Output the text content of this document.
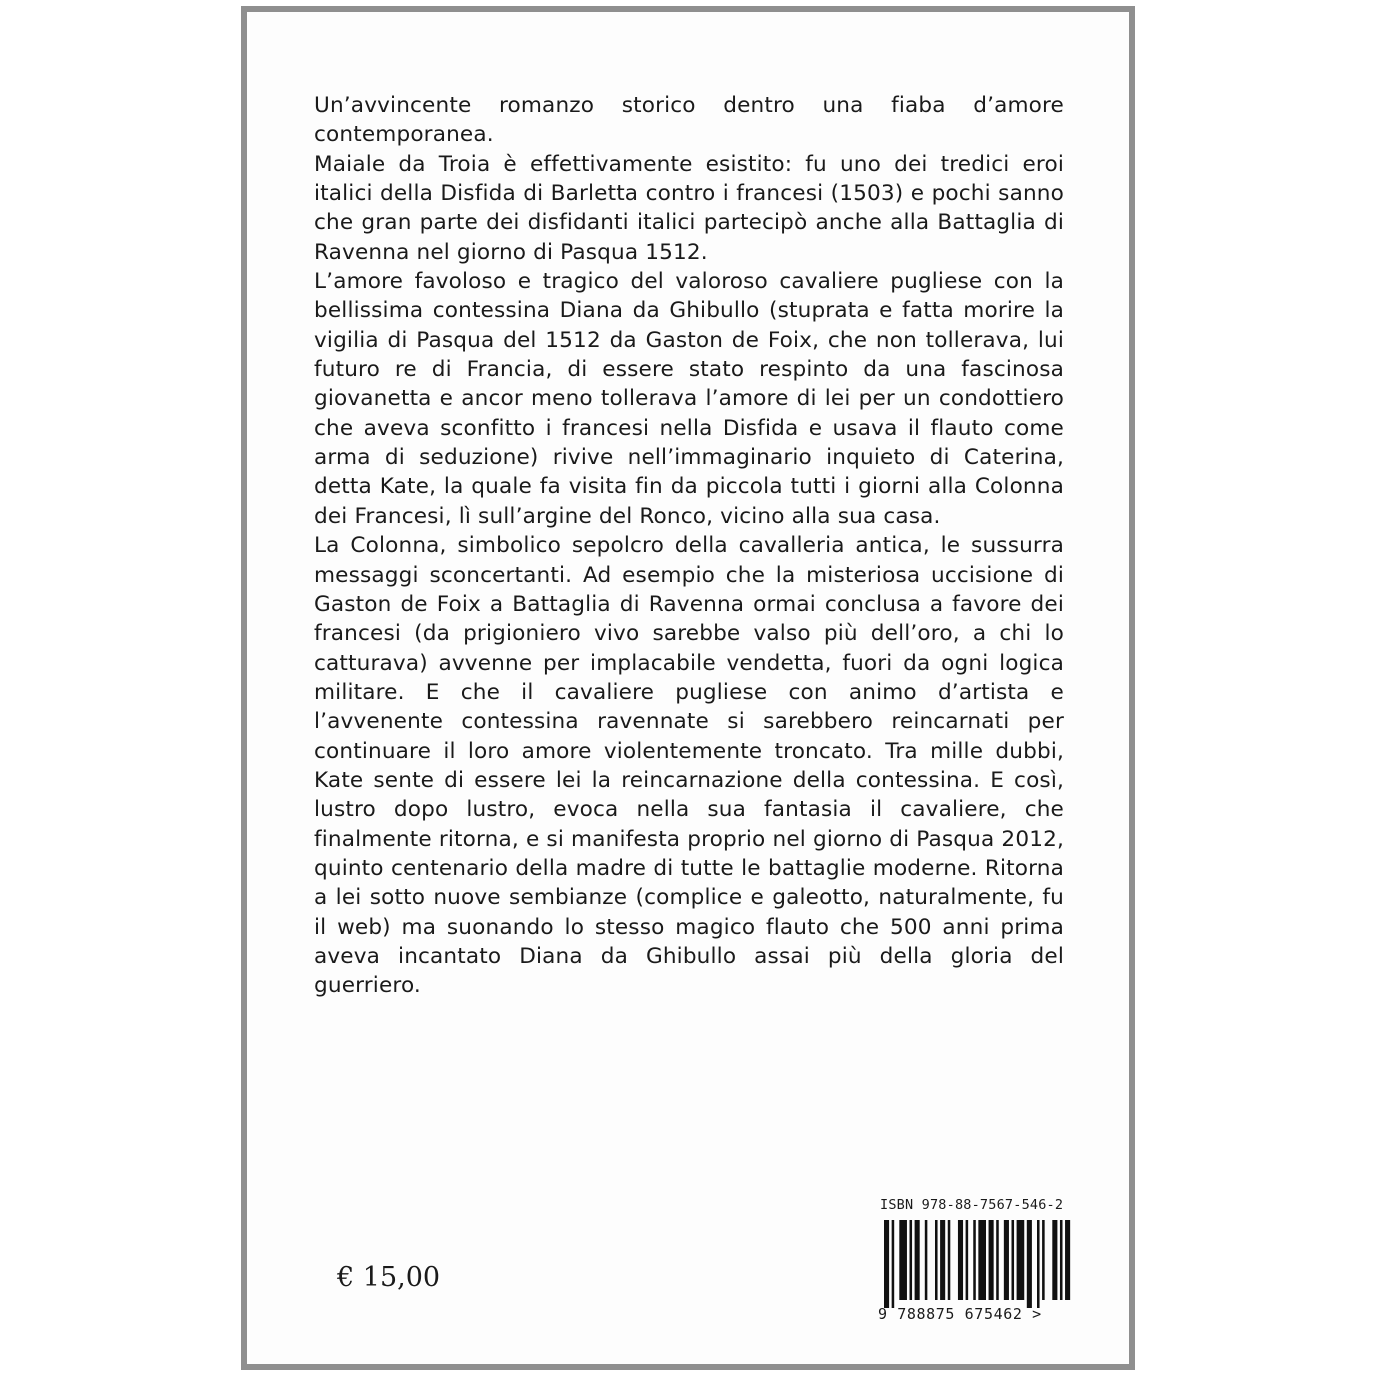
Un’avvincente romanzo storico dentro una fiaba d’amore contemporanea.

Maiale da Troia è effettivamente esistito: fu uno dei tredici eroi italici della Disfida di Barletta contro i francesi (1503) e pochi sanno che gran parte dei disfidanti italici partecipò anche alla Battaglia di Ravenna nel giorno di Pasqua 1512.

L’amore favoloso e tragico del valoroso cavaliere pugliese con la bellissima contessina Diana da Ghibullo (stuprata e fatta morire la vigilia di Pasqua del 1512 da Gaston de Foix, che non tollerava, lui futuro re di Francia, di essere stato respinto da una fascinosa giovanetta e ancor meno tollerava l’amore di lei per un condottiero che aveva sconfitto i francesi nella Disfida e usava il flauto come arma di seduzione) rivive nell’immaginario inquieto di Caterina, detta Kate, la quale fa visita fin da piccola tutti i giorni alla Colonna dei Francesi, lì sull’argine del Ronco, vicino alla sua casa.

La Colonna, simbolico sepolcro della cavalleria antica, le sussurra messaggi sconcertanti. Ad esempio che la misteriosa uccisione di Gaston de Foix a Battaglia di Ravenna ormai conclusa a favore dei francesi (da prigioniero vivo sarebbe valso più dell’oro, a chi lo catturava) avvenne per implacabile vendetta, fuori da ogni logica militare. E che il cavaliere pugliese con animo d’artista e l’avvenente contessina ravennate si sarebbero reincarnati per continuare il loro amore violentemente troncato. Tra mille dubbi, Kate sente di essere lei la reincarnazione della contessina. E così, lustro dopo lustro, evoca nella sua fantasia il cavaliere, che finalmente ritorna, e si manifesta proprio nel giorno di Pasqua 2012, quinto centenario della madre di tutte le battaglie moderne. Ritorna a lei sotto nuove sembianze (complice e galeotto, naturalmente, fu il web) ma suonando lo stesso magico flauto che 500 anni prima aveva incantato Diana da Ghibullo assai più della gloria del guerriero.

€ 15,00
ISBN 978-88-7567-546-2
9 788875 675462 >
